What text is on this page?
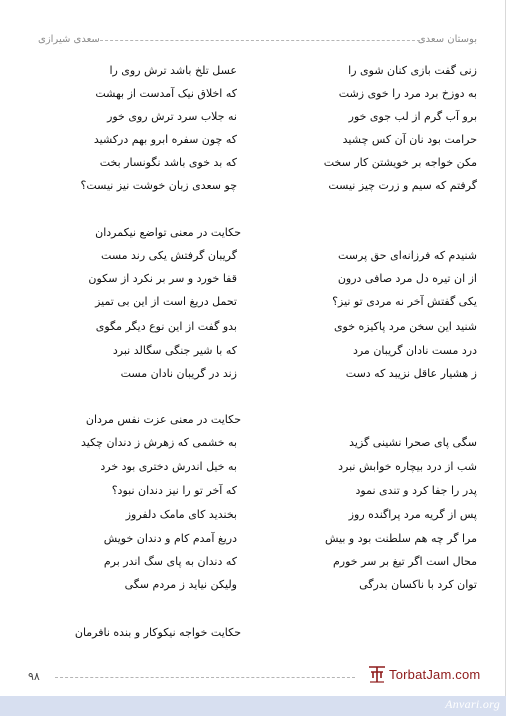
بوستان سعدی
سعدی شیرازی
زنی گفت بازی کنان شوی را
عسل تلخ باشد ترش روی را
به دوزخ برد مرد را خوی زشت
که اخلاق نیک آمدست از بهشت
برو آب گرم از لب جوی خور
نه جلاب سرد ترش روی خور
حرامت بود نان آن کس چشید
که چون سفره ابرو بهم درکشید
مکن خواجه بر خویشتن کار سخت
که بد خوی باشد نگونسار بخت
گرفتم که سیم و زرت چیز نیست
چو سعدی زبان خوشت نیز نیست؟
حکایت در معنی تواضع نیکمردان
شنیدم که فرزانه‌ای حق پرست
گریبان گرفتش یکی رند مست
از ان تیره دل مرد صافی درون
قفا خورد و سر بر نکرد از سکون
یکی گفتش آخر نه مردی تو نیز؟
تحمل دریغ است از این بی تمیز
شنید این سخن مرد پاکیزه خوی
بدو گفت از این نوع دیگر مگوی
درد مست نادان گریبان مرد
که با شیر جنگی سگالد نبرد
ز هشیار عاقل نزیبد که دست
زند در گریبان نادان مست
حکایت در معنی عزت نفس مردان
سگی پای صحرا نشینی گزید
به خشمی که زهرش ز دندان چکید
شب از درد بیچاره خوابش نبرد
به خیل اندرش دختری بود خرد
پدر را جفا کرد و تندی نمود
که آخر تو را نیز دندان نبود؟
پس از گریه مرد پراگنده روز
بخندید کای مامک دلفروز
مرا گر چه هم سلطنت بود و بیش
دریغ آمدم کام و دندان خویش
محال است اگر تیغ بر سر خورم
که دندان به پای سگ اندر برم
توان کرد با ناکسان بدرگی
ولیکن نیاید ز مردم سگی
حکایت خواجه نیکوکار و بنده نافرمان
۹۸	TorbatJam.com
Anvari.org
